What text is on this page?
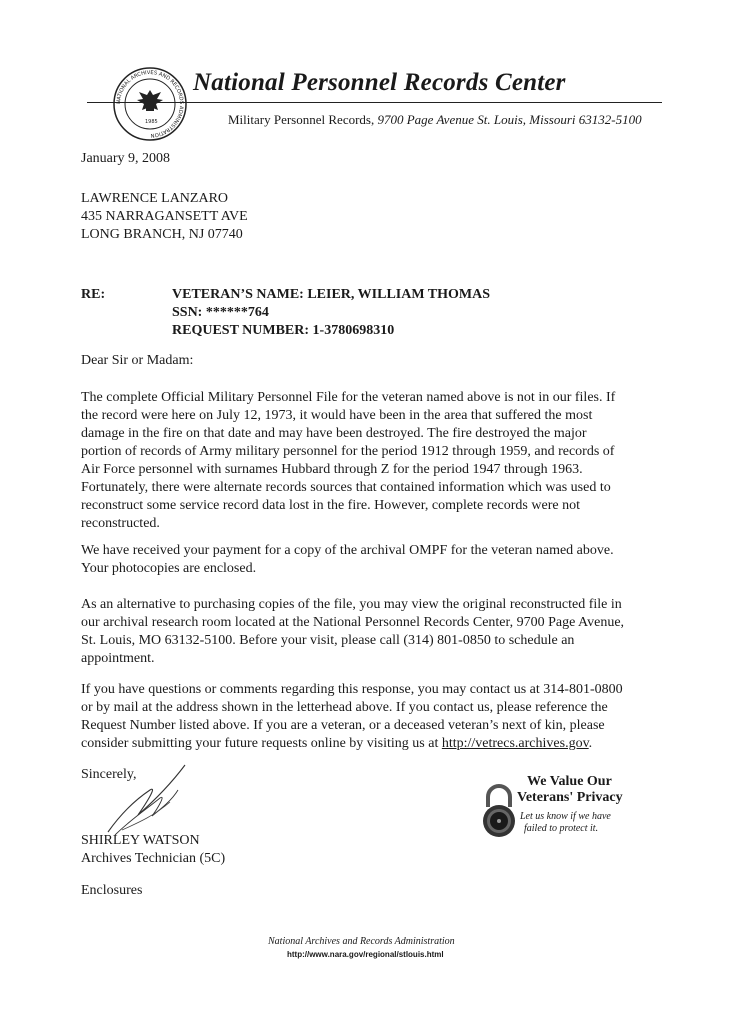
ATIONAL ARCHIVES AND RECORD ADMINISTRATION
1985
National Personnel Records Center
Military Personnel Records, 9700 Page Avenue St. Louis, Missouri 63132-5100
January 9, 2008
LAWRENCE LANZARO
435 NARRAGANSETT AVE
LONG BRANCH, NJ 07740
RE:	VETERAN’S NAME: LEIER, WILLIAM THOMAS
SSN: ******764
REQUEST NUMBER: 1-3780698310
Dear Sir or Madam:
The complete Official Military Personnel File for the veteran named above is not in our files. If
the record were here on July 12, 1973, it would have been in the area that suffered the most
damage in the fire on that date and may have been destroyed. The fire destroyed the major
portion of records of Army military personnel for the period 1912 through 1959, and records of
Air Force personnel with surnames Hubbard through Z for the period 1947 through 1963.
Fortunately, there were alternate records sources that contained information which was used to
reconstruct some service record data lost in the fire. However, complete records were not
reconstructed.
We have received your payment for a copy of the archival OMPF for the veteran named above.
Your photocopies are enclosed.
As an alternative to purchasing copies of the file, you may view the original reconstructed file in
our archival research room located at the National Personnel Records Center, 9700 Page Avenue,
St. Louis, MO 63132-5100. Before your visit, please call (314) 801-0850 to schedule an
appointment.
If you have questions or comments regarding this response, you may contact us at 314-801-0800
or by mail at the address shown in the letterhead above. If you contact us, please reference the
Request Number listed above. If you are a veteran, or a deceased veteran’s next of kin, please
consider submitting your future requests online by visiting us at http://vetrecs.archives.gov.
Sincerely,
SHIRLEY WATSON
Archives Technician (5C)
Enclosures
We Value Our
Veterans' Privacy
Let us know if we have
failed to protect it.
National Archives and Records Administration
http://www.nara.gov/regional/stlouis.html
